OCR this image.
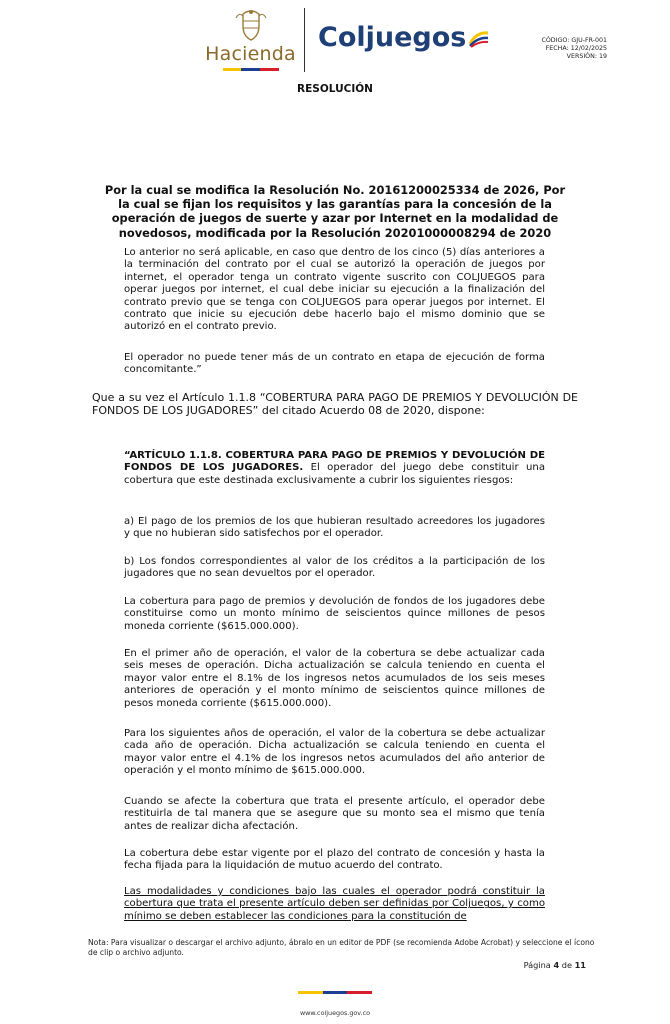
Hacienda
Coljuegos	CÓDIGO: GJU-FR-001
FECHA: 12/02/2025
VERSIÓN: 19
RESOLUCIÓN
Por la cual se modifica la Resolución No. 20161200025334 de 2026, Por la cual se fijan los requisitos y las garantías para la concesión de la operación de juegos de suerte y azar por Internet en la modalidad de novedosos, modificada por la Resolución 20201000008294 de 2020
Lo anterior no será aplicable, en caso que dentro de los cinco (5) días anteriores a la terminación del contrato por el cual se autorizó la operación de juegos por internet, el operador tenga un contrato vigente suscrito con COLJUEGOS para operar juegos por internet, el cual debe iniciar su ejecución a la finalización del contrato previo que se tenga con COLJUEGOS para operar juegos por internet. El contrato que inicie su ejecución debe hacerlo bajo el mismo dominio que se autorizó en el contrato previo.
El operador no puede tener más de un contrato en etapa de ejecución de forma concomitante.”
Que a su vez el Artículo 1.1.8 “COBERTURA PARA PAGO DE PREMIOS Y DEVOLUCIÓN DE FONDOS DE LOS JUGADORES” del citado Acuerdo 08 de 2020, dispone:
“ARTÍCULO 1.1.8. COBERTURA PARA PAGO DE PREMIOS Y DEVOLUCIÓN DE FONDOS DE LOS JUGADORES. El operador del juego debe constituir una cobertura que este destinada exclusivamente a cubrir los siguientes riesgos:
a) El pago de los premios de los que hubieran resultado acreedores los jugadores y que no hubieran sido satisfechos por el operador.
b) Los fondos correspondientes al valor de los créditos a la participación de los jugadores que no sean devueltos por el operador.
La cobertura para pago de premios y devolución de fondos de los jugadores debe constituirse como un monto mínimo de seiscientos quince millones de pesos moneda corriente ($615.000.000).
En el primer año de operación, el valor de la cobertura se debe actualizar cada seis meses de operación. Dicha actualización se calcula teniendo en cuenta el mayor valor entre el 8.1% de los ingresos netos acumulados de los seis meses anteriores de operación y el monto mínimo de seiscientos quince millones de pesos moneda corriente ($615.000.000).
Para los siguientes años de operación, el valor de la cobertura se debe actualizar cada año de operación. Dicha actualización se calcula teniendo en cuenta el mayor valor entre el 4.1% de los ingresos netos acumulados del año anterior de operación y el monto mínimo de $615.000.000.
Cuando se afecte la cobertura que trata el presente artículo, el operador debe restituirla de tal manera que se asegure que su monto sea el mismo que tenía antes de realizar dicha afectación.
La cobertura debe estar vigente por el plazo del contrato de concesión y hasta la fecha fijada para la liquidación de mutuo acuerdo del contrato.
Las modalidades y condiciones bajo las cuales el operador podrá constituir la cobertura que trata el presente artículo deben ser definidas por Coljuegos, y como mínimo se deben establecer las condiciones para la constitución de
Nota: Para visualizar o descargar el archivo adjunto, ábralo en un editor de PDF (se recomienda Adobe Acrobat) y seleccione el ícono de clip o archivo adjunto.
Página 4 de 11
www.coljuegos.gov.co
